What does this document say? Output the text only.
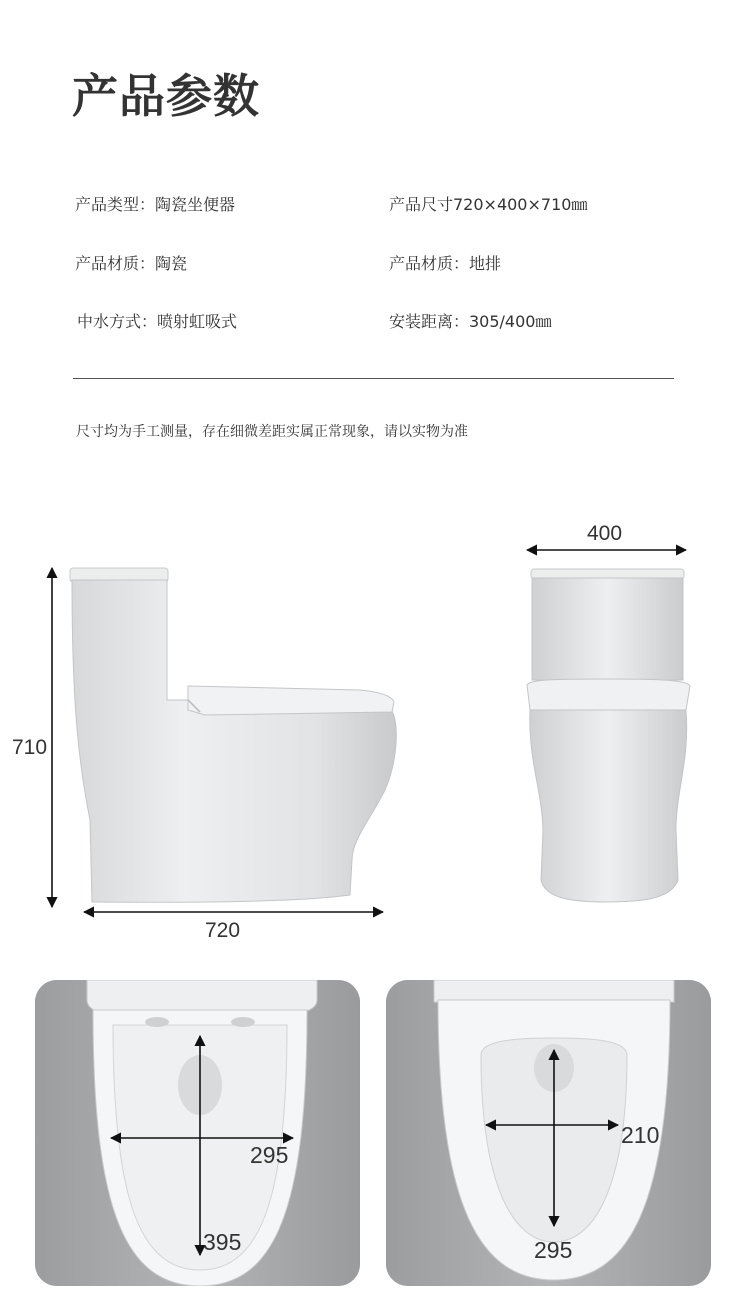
产品参数
产品类型：陶瓷坐便器	产品尺寸720×400×710㎜
产品材质：陶瓷	产品材质：地排
中水方式：喷射虹吸式	安装距离：305/400㎜
尺寸均为手工测量，存在细微差距实属正常现象，请以实物为准
710
720
400
295
395
210
295
